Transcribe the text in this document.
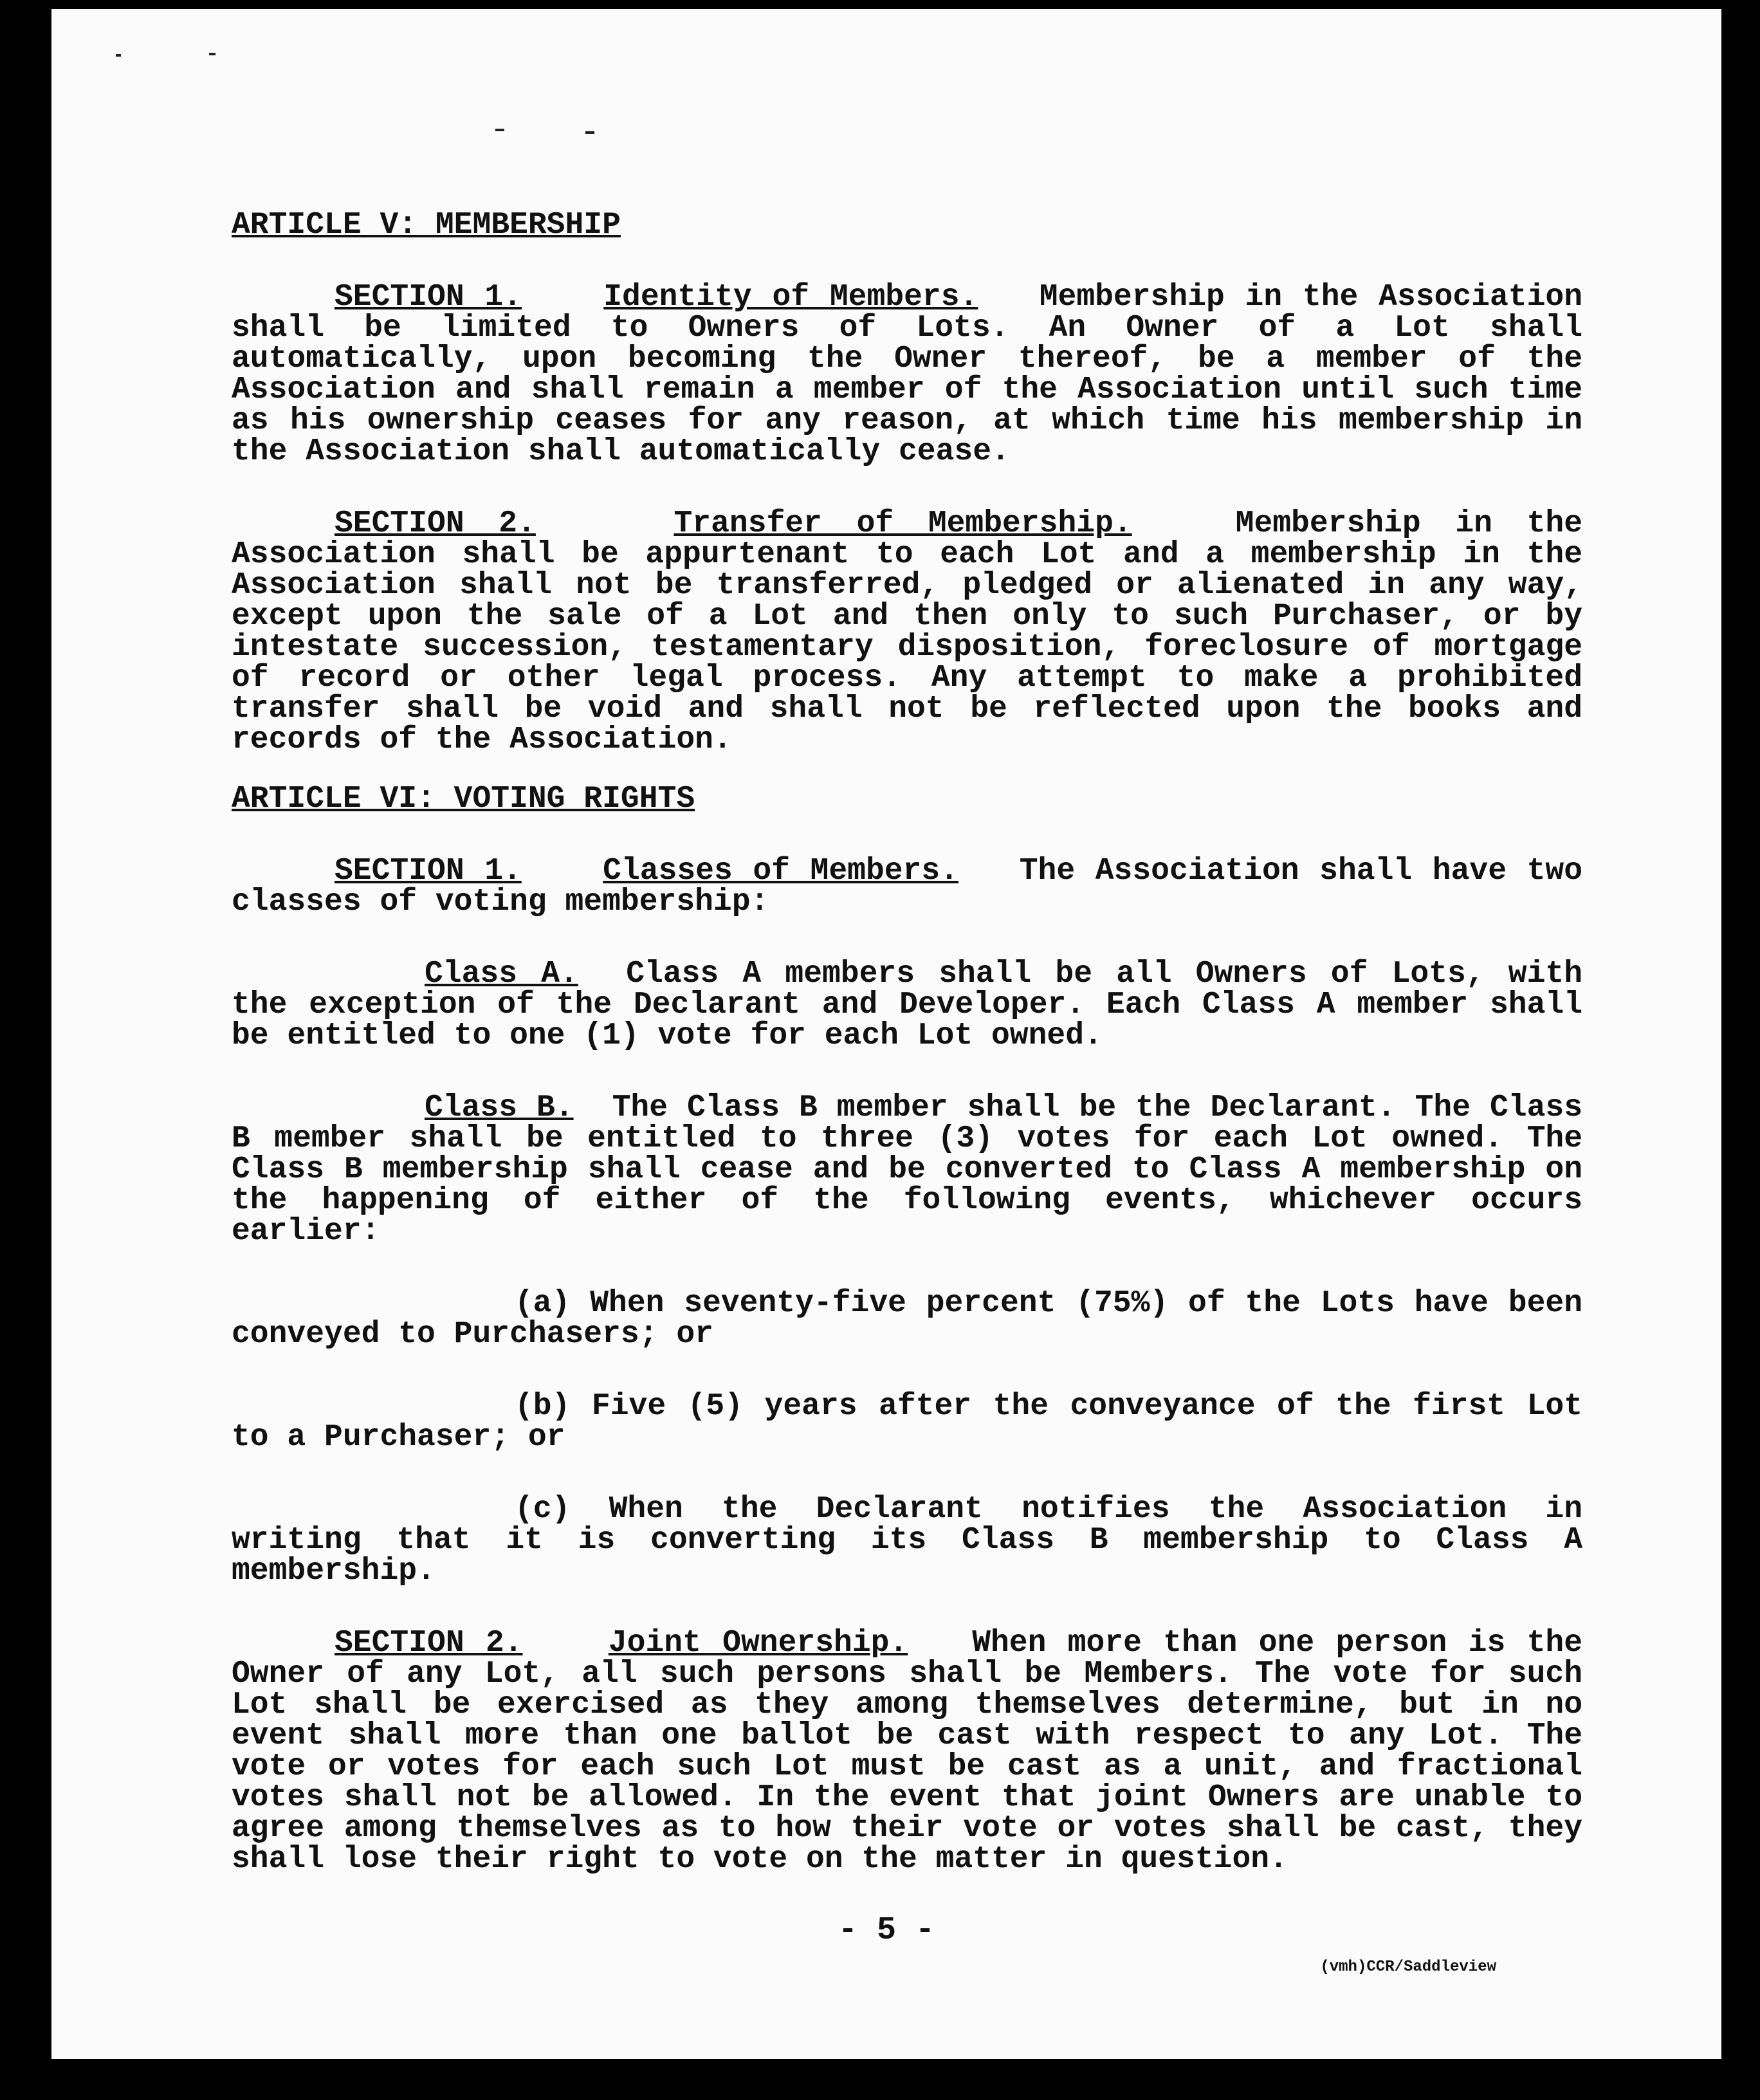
ARTICLE V: MEMBERSHIP

SECTION 1.	Identity of Members. Membership in the Association shall be limited to Owners of Lots. An Owner of a Lot shall automatically, upon becoming the Owner thereof, be a member of the Association and shall remain a member of the Association until such time as his ownership ceases for any reason, at which time his membership in the Association shall automatically cease.

SECTION 2.	Transfer of Membership.	Membership in the Association shall be appurtenant to each Lot and a membership in the Association shall not be transferred, pledged or alienated in any way, except upon the sale of a Lot and then only to such Purchaser, or by intestate succession, testamentary disposition, foreclosure of mortgage of record or other legal process. Any attempt to make a prohibited transfer shall be void and shall not be reflected upon the books and records of the Association.

ARTICLE VI: VOTING RIGHTS

SECTION 1.	Classes of Members. The Association shall have two classes of voting membership:

Class A. Class A members shall be all Owners of Lots, with the exception of the Declarant and Developer. Each Class A member shall be entitled to one (1) vote for each Lot owned.

Class B. The Class B member shall be the Declarant. The Class B member shall be entitled to three (3) votes for each Lot owned. The Class B membership shall cease and be converted to Class A membership on the happening of either of the following events, whichever occurs earlier:

(a) When seventy-five percent (75%) of the Lots have been conveyed to Purchasers; or

(b) Five (5) years after the conveyance of the first Lot to a Purchaser; or

(c) When the Declarant notifies the Association in writing that it is converting its Class B membership to Class A membership.

SECTION 2.	Joint Ownership. When more than one person is the Owner of any Lot, all such persons shall be Members. The vote for such Lot shall be exercised as they among themselves determine, but in no event shall more than one ballot be cast with respect to any Lot. The vote or votes for each such Lot must be cast as a unit, and fractional votes shall not be allowed. In the event that joint Owners are unable to agree among themselves as to how their vote or votes shall be cast, they shall lose their right to vote on the matter in question.

- 5 -
(vmh)CCR/Saddleview
